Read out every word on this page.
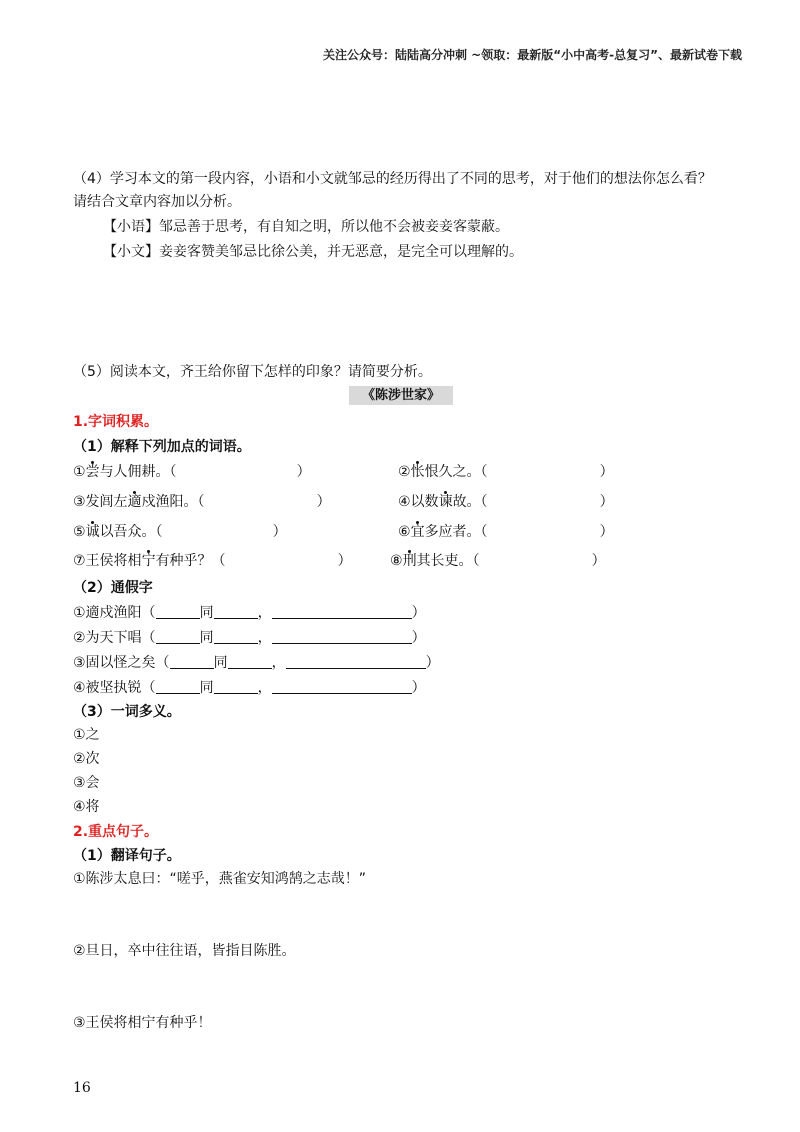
关注公众号：陆陆高分冲刺 ~领取：最新版“小中高考-总复习”、最新试卷下载
（4）学习本文的第一段内容，小语和小文就邹忌的经历得出了不同的思考，对于他们的想法你怎么看？
请结合文章内容加以分析。
【小语】邹忌善于思考，有自知之明，所以他不会被妾妾客蒙蔽。
【小文】妾妾客赞美邹忌比徐公美，并无恶意，是完全可以理解的。
（5）阅读本文，齐王给你留下怎样的印象？请简要分析。
《陈涉世家》
1.字词积累。
（1）解释下列加点的词语。
①尝与人佣耕。（	）	②怅恨久之。（	）
③发闾左適戍渔阳。（	）	④以数谏故。（	）
⑤诚以吾众。（	）	⑥宜多应者。（	）
⑦王侯将相宁有种乎？（	）	⑧刑其长吏。（	）
（2）通假字
①適戍渔阳（	同	，	）
②为天下唱（	同	，	）
③固以怪之矣（	同	，	）
④被坚执锐（	同	，	）
（3）一词多义。
①之
②次
③会
④将
2.重点句子。
（1）翻译句子。
①陈涉太息曰：“嗟乎，燕雀安知鸿鹄之志哉！”
②旦日，卒中往往语，皆指目陈胜。
③王侯将相宁有种乎！
16
